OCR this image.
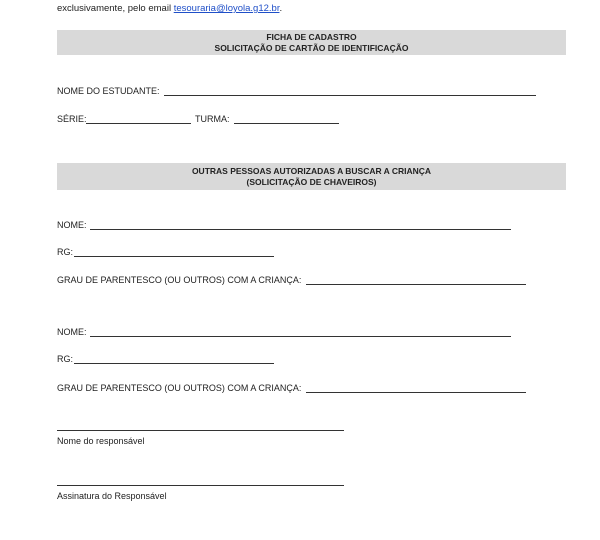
exclusivamente, pelo email tesouraria@loyola.g12.br.
FICHA DE CADASTRO
SOLICITAÇÃO DE CARTÃO DE IDENTIFICAÇÃO
NOME DO ESTUDANTE:
SÉRIE:	TURMA:
OUTRAS PESSOAS AUTORIZADAS A BUSCAR A CRIANÇA
(SOLICITAÇÃO DE CHAVEIROS)
NOME:
RG:
GRAU DE PARENTESCO (OU OUTROS) COM A CRIANÇA:
NOME:
RG:
GRAU DE PARENTESCO (OU OUTROS) COM A CRIANÇA:
Nome do responsável
Assinatura do Responsável
